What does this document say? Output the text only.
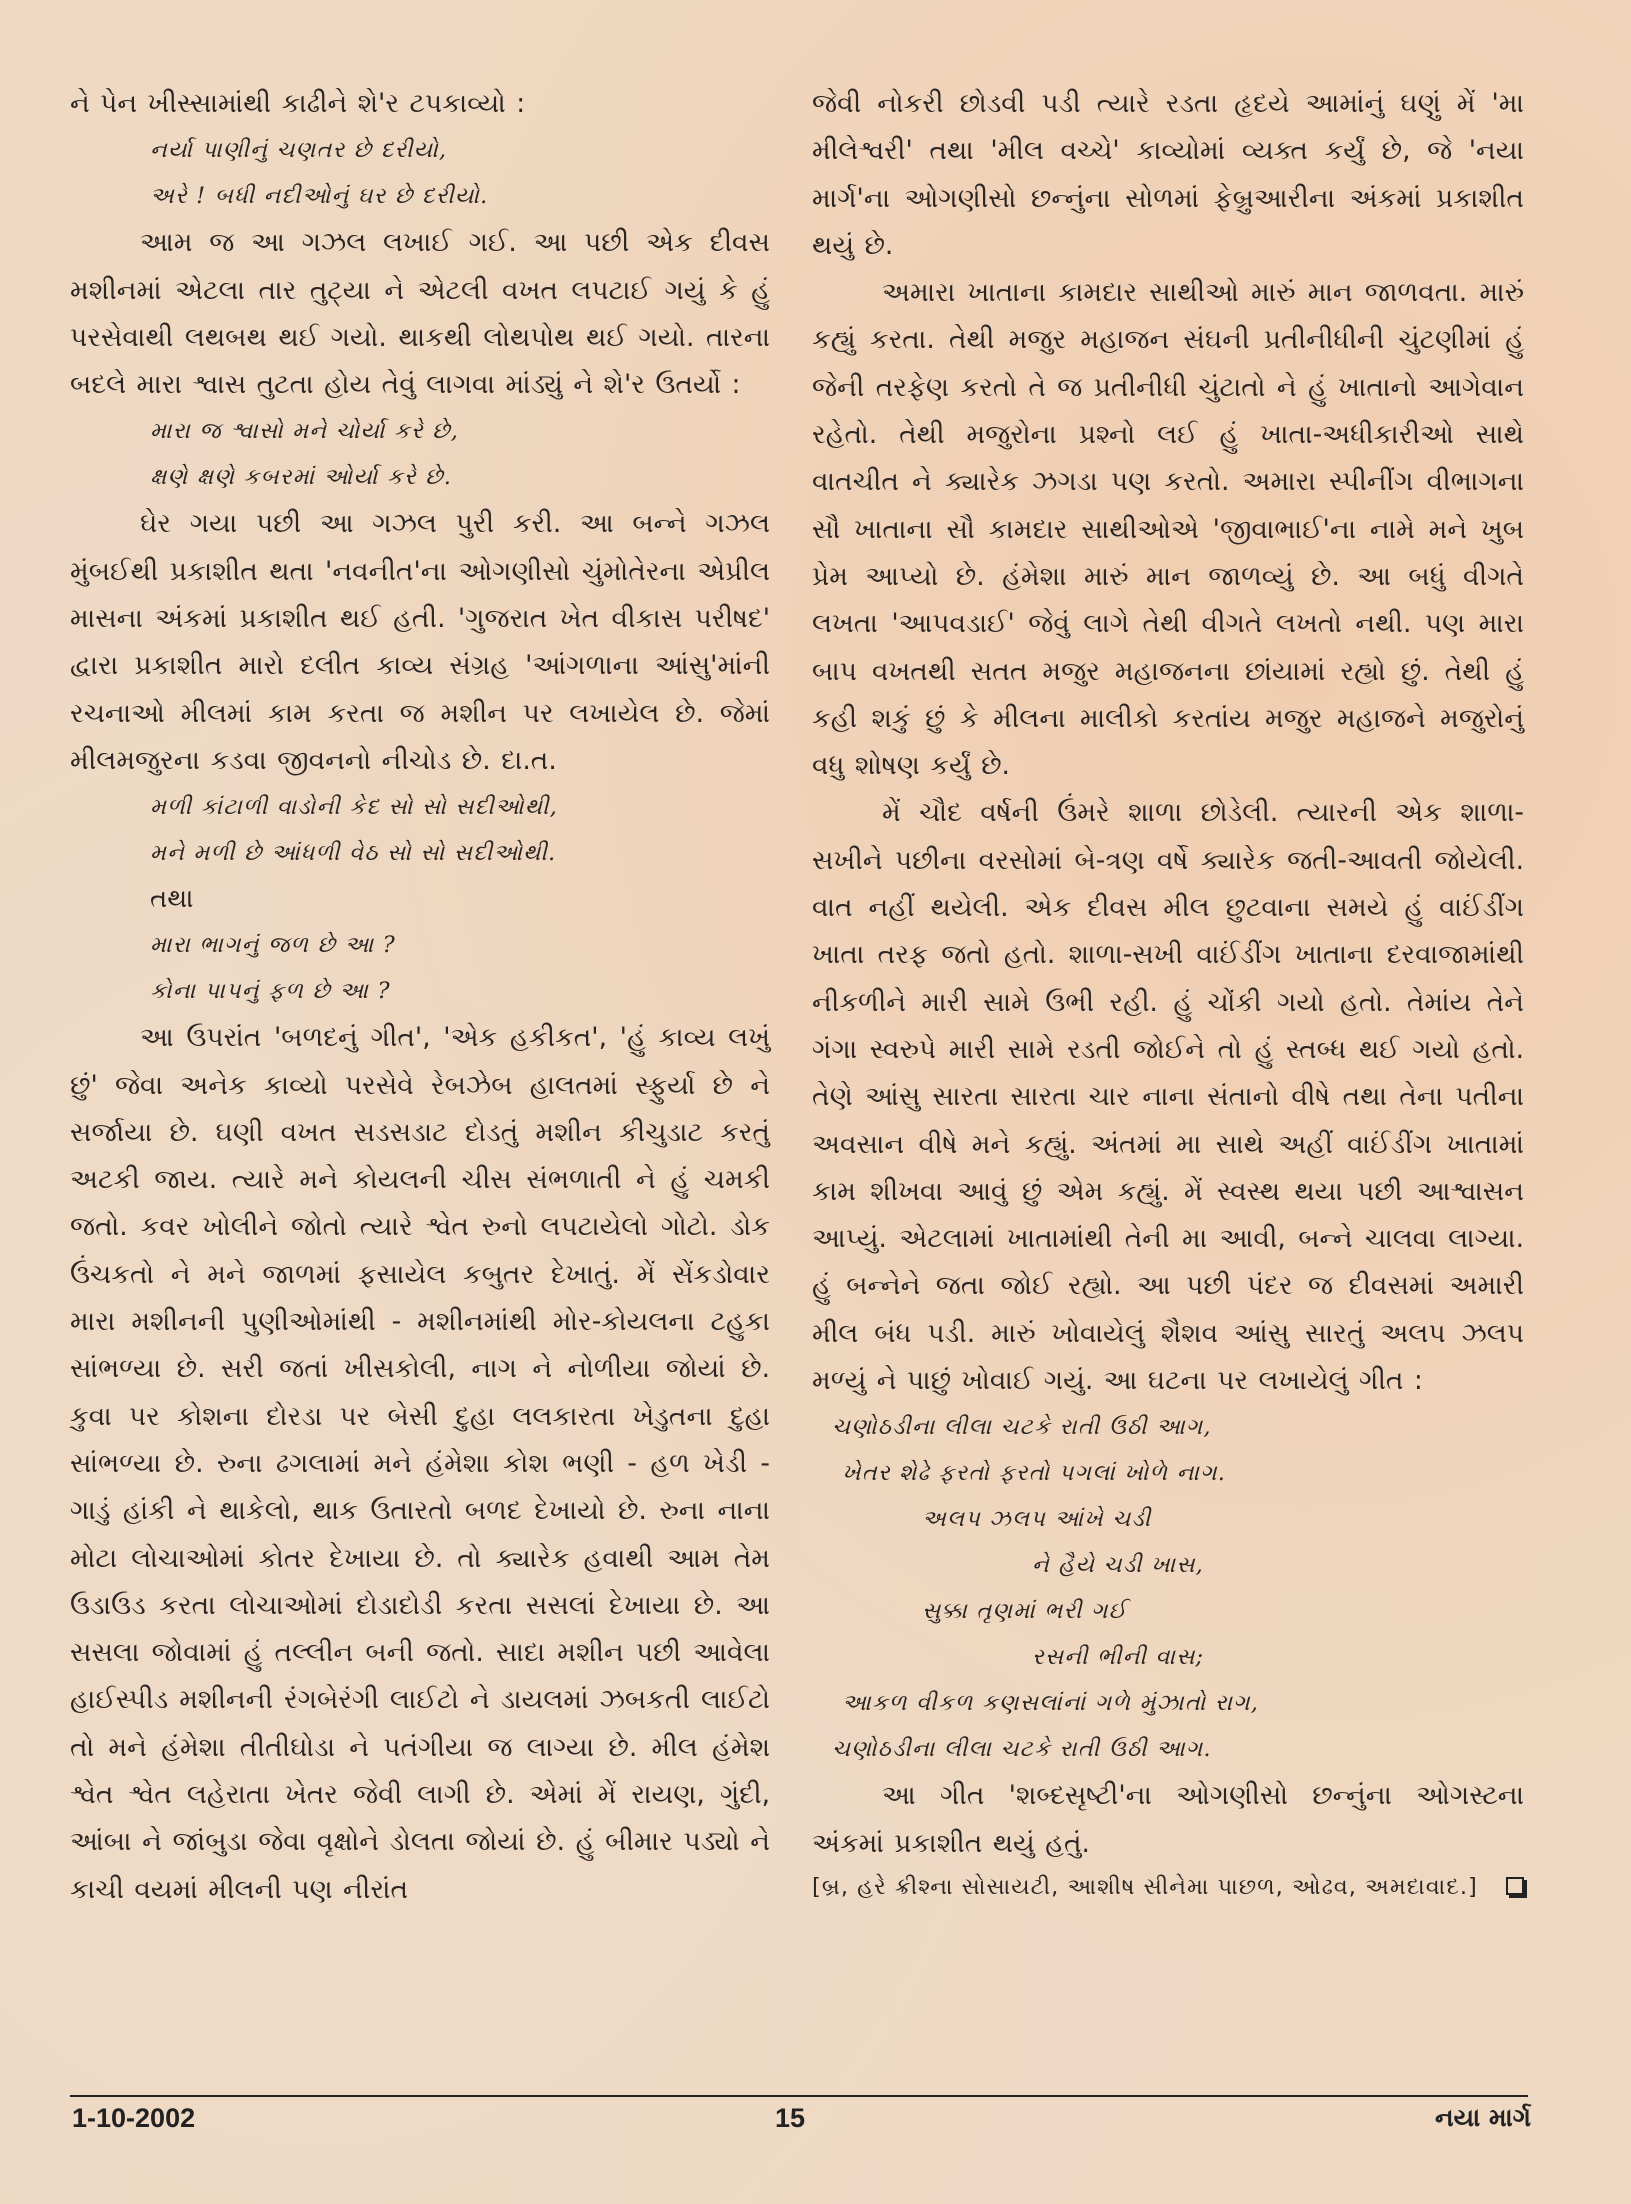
ને પેન ખીસ્સામાંથી કાઢીને શે'ર ટપકાવ્યો :

નર્યા પાણીનું ચણતર છે દરીયો,
અરે ! બધી નદીઓનું ઘર છે દરીયો.

આમ જ આ ગઝલ લખાઈ ગઈ. આ પછી એક દીવસ મશીનમાં એટલા તાર તુટ્યા ને એટલી વખત લપટાઈ ગયું કે હું પરસેવાથી લથબથ થઈ ગયો. થાકથી લોથપોથ થઈ ગયો. તારના બદલે મારા શ્વાસ તુટતા હોય તેવું લાગવા માંડ્યું ને શે'ર ઉતર્યો :

મારા જ શ્વાસો મને ચોર્યા કરે છે,
ક્ષણે ક્ષણે કબરમાં ઓર્યા કરે છે.

ઘેર ગયા પછી આ ગઝલ પુરી કરી. આ બન્ને ગઝલ મુંબઈથી પ્રકાશીત થતા 'નવનીત'ના ઓગણીસો ચુંમોતેરના એપ્રીલ માસના અંકમાં પ્રકાશીત થઈ હતી. 'ગુજરાત ખેત વીકાસ પરીષદ' દ્વારા પ્રકાશીત મારો દલીત કાવ્ય સંગ્રહ 'આંગળાના આંસુ'માંની રચનાઓ મીલમાં કામ કરતા જ મશીન પર લખાયેલ છે. જેમાં મીલમજુરના કડવા જીવનનો નીચોડ છે. દા.ત.

મળી કાંટાળી વાડોની કેદ સો સો સદીઓથી,
મને મળી છે આંધળી વેઠ સો સો સદીઓથી.
તથા
મારા ભાગનું જળ છે આ ?
કોના પાપનું ફળ છે આ ?

આ ઉપરાંત 'બળદનું ગીત', 'એક હકીકત', 'હું કાવ્ય લખું છું' જેવા અનેક કાવ્યો પરસેવે રેબઝેબ હાલતમાં સ્ફુર્યા છે ને સર્જાયા છે. ઘણી વખત સડસડાટ દોડતું મશીન કીચુડાટ કરતું અટકી જાય. ત્યારે મને કોયલની ચીસ સંભળાતી ને હું ચમકી જતો. કવર ખોલીને જોતો ત્યારે શ્વેત રુનો લપટાયેલો ગોટો. ડોક ઉંચકતો ને મને જાળમાં ફસાયેલ કબુતર દેખાતું. મેં સેંકડોવાર મારા મશીનની પુણીઓમાંથી - મશીનમાંથી મોર-કોયલના ટહુકા સાંભળ્યા છે. સરી જતાં ખીસકોલી, નાગ ને નોળીયા જોયાં છે. કુવા પર કોશના દોરડા પર બેસી દુહા લલકારતા ખેડુતના દુહા સાંભળ્યા છે. રુના ઢગલામાં મને હંમેશા કોશ ભણી - હળ ખેડી - ગાડું હાંકી ને થાકેલો, થાક ઉતારતો બળદ દેખાયો છે. રુના નાના મોટા લોચાઓમાં કોતર દેખાયા છે. તો ક્યારેક હવાથી આમ તેમ ઉડાઉડ કરતા લોચાઓમાં દોડાદોડી કરતા સસલાં દેખાયા છે. આ સસલા જોવામાં હું તલ્લીન બની જતો. સાદા મશીન પછી આવેલા હાઈસ્પીડ મશીનની રંગબેરંગી લાઈટો ને ડાયલમાં ઝબકતી લાઈટો તો મને હંમેશા તીતીઘોડા ને પતંગીયા જ લાગ્યા છે. મીલ હંમેશ શ્વેત શ્વેત લહેરાતા ખેતર જેવી લાગી છે. એમાં મેં રાયણ, ગુંદી, આંબા ને જાંબુડા જેવા વૃક્ષોને ડોલતા જોયાં છે. હું બીમાર પડ્યો ને કાચી વયમાં મીલની પણ નીરાંત

જેવી નોકરી છોડવી પડી ત્યારે રડતા હૃદયે આમાંનું ઘણું મેં 'મા મીલેશ્વરી' તથા 'મીલ વચ્ચે' કાવ્યોમાં વ્યક્ત કર્યું છે, જે 'નયા માર્ગ'ના ઓગણીસો છન્નુંના સોળમાં ફેબ્રુઆરીના અંકમાં પ્રકાશીત થયું છે.

અમારા ખાતાના કામદાર સાથીઓ મારું માન જાળવતા. મારું કહ્યું કરતા. તેથી મજુર મહાજન સંઘની પ્રતીનીધીની ચુંટણીમાં હું જેની તરફેણ કરતો તે જ પ્રતીનીધી ચુંટાતો ને હું ખાતાનો આગેવાન રહેતો. તેથી મજુરોના પ્રશ્નો લઈ હું ખાતા-અધીકારીઓ સાથે વાતચીત ને ક્યારેક ઝગડા પણ કરતો. અમારા સ્પીનીંગ વીભાગના સૌ ખાતાના સૌ કામદાર સાથીઓએ 'જીવાભાઈ'ના નામે મને ખુબ પ્રેમ આપ્યો છે. હંમેશા મારું માન જાળવ્યું છે. આ બધું વીગતે લખતા 'આપવડાઈ' જેવું લાગે તેથી વીગતે લખતો નથી. પણ મારા બાપ વખતથી સતત મજુર મહાજનના છાંયામાં રહ્યો છું. તેથી હું કહી શકું છું કે મીલના માલીકો કરતાંય મજુર મહાજને મજુરોનું વધુ શોષણ કર્યું છે.

મેં ચૌદ વર્ષની ઉંમરે શાળા છોડેલી. ત્યારની એક શાળા-સખીને પછીના વરસોમાં બે-ત્રણ વર્ષે ક્યારેક જતી-આવતી જોયેલી. વાત નહીં થયેલી. એક દીવસ મીલ છુટવાના સમયે હું વાઈંડીંગ ખાતા તરફ જતો હતો. શાળા-સખી વાઈંડીંગ ખાતાના દરવાજામાંથી નીકળીને મારી સામે ઉભી રહી. હું ચોંકી ગયો હતો. તેમાંય તેને ગંગા સ્વરુપે મારી સામે રડતી જોઈને તો હું સ્તબ્ધ થઈ ગયો હતો. તેણે આંસુ સારતા સારતા ચાર નાના સંતાનો વીષે તથા તેના પતીના અવસાન વીષે મને કહ્યું. અંતમાં મા સાથે અહીં વાઈંડીંગ ખાતામાં કામ શીખવા આવું છું એમ કહ્યું. મેં સ્વસ્થ થયા પછી આશ્વાસન આપ્યું. એટલામાં ખાતામાંથી તેની મા આવી, બન્ને ચાલવા લાગ્યા. હું બન્નેને જતા જોઈ રહ્યો. આ પછી પંદર જ દીવસમાં અમારી મીલ બંધ પડી. મારું ખોવાયેલું શૈશવ આંસુ સારતું અલપ ઝલપ મળ્યું ને પાછું ખોવાઈ ગયું. આ ઘટના પર લખાયેલું ગીત :

ચણોઠડીના લીલા ચટકે રાતી ઉઠી આગ,
ખેતર શેઢે ફરતો ફરતો પગલાં ખોળે નાગ.
અલપ ઝલપ આંખે ચડી
ને હૈયે ચડી ખાસ,
સુક્કા તૃણમાં ભરી ગઈ
રસની ભીની વાસ;
આકળ વીકળ કણસલાંનાં ગળે મુંઝાતો રાગ,
ચણોઠડીના લીલા ચટકે રાતી ઉઠી આગ.

આ ગીત 'શબ્દસૃષ્ટી'ના ઓગણીસો છન્નુંના ઓગસ્ટના અંકમાં પ્રકાશીત થયું હતું.

[બ્ર, હરે ક્રીશ્ના સોસાયટી, આશીષ સીનેમા પાછળ, ઓઢવ, અમદાવાદ.]
1-10-2002	15	નયા માર્ગ
